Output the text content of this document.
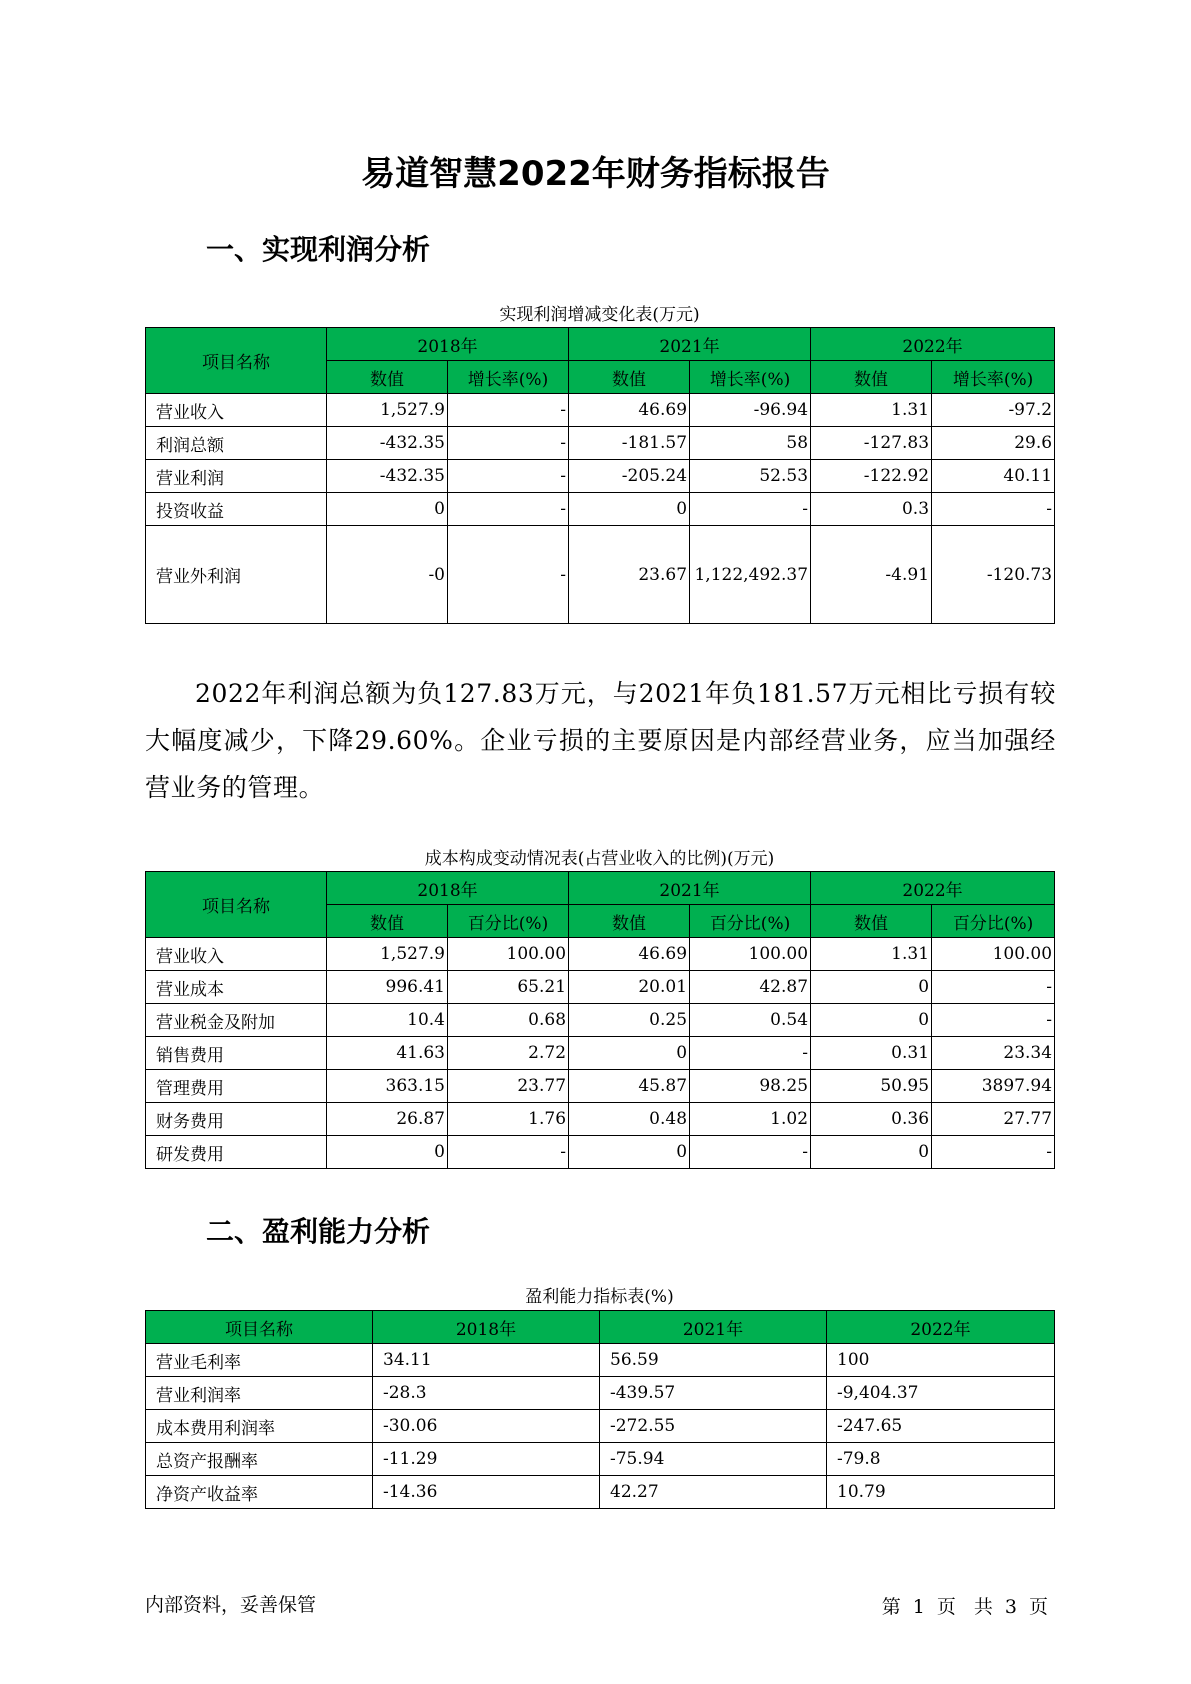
易道智慧2022年财务指标报告
一、实现利润分析
实现利润增减变化表(万元)
项目名称	2018年		2021年		2022年	
	数值	增长率(%)	数值	增长率(%)	数值	增长率(%)
营业收入	1,527.9	-	46.69	-96.94	1.31	-97.2
利润总额	-432.35	-	-181.57	58	-127.83	29.6
营业利润	-432.35	-	-205.24	52.53	-122.92	40.11
投资收益	0	-	0	-	0.3	-
营业外利润	-0	-	23.67	1,122,492.37	-4.91	-120.73

2022年利润总额为负127.83万元，与2021年负181.57万元相比亏损有较大幅度减少，下降29.60%。企业亏损的主要原因是内部经营业务，应当加强经营业务的管理。

成本构成变动情况表(占营业收入的比例)(万元)
项目名称	2018年		2021年		2022年	
	数值	百分比(%)	数值	百分比(%)	数值	百分比(%)
营业收入	1,527.9	100.00	46.69	100.00	1.31	100.00
营业成本	996.41	65.21	20.01	42.87	0	-
营业税金及附加	10.4	0.68	0.25	0.54	0	-
销售费用	41.63	2.72	0	-	0.31	23.34
管理费用	363.15	23.77	45.87	98.25	50.95	3897.94
财务费用	26.87	1.76	0.48	1.02	0.36	27.77
研发费用	0	-	0	-	0	-
二、盈利能力分析
盈利能力指标表(%)
项目名称	2018年	2021年	2022年
营业毛利率	34.11	56.59	100
营业利润率	-28.3	-439.57	-9,404.37
成本费用利润率	-30.06	-272.55	-247.65
总资产报酬率	-11.29	-75.94	-79.8
净资产收益率	-14.36	42.27	10.79
内部资料，妥善保管	第 1 页 共 3 页
